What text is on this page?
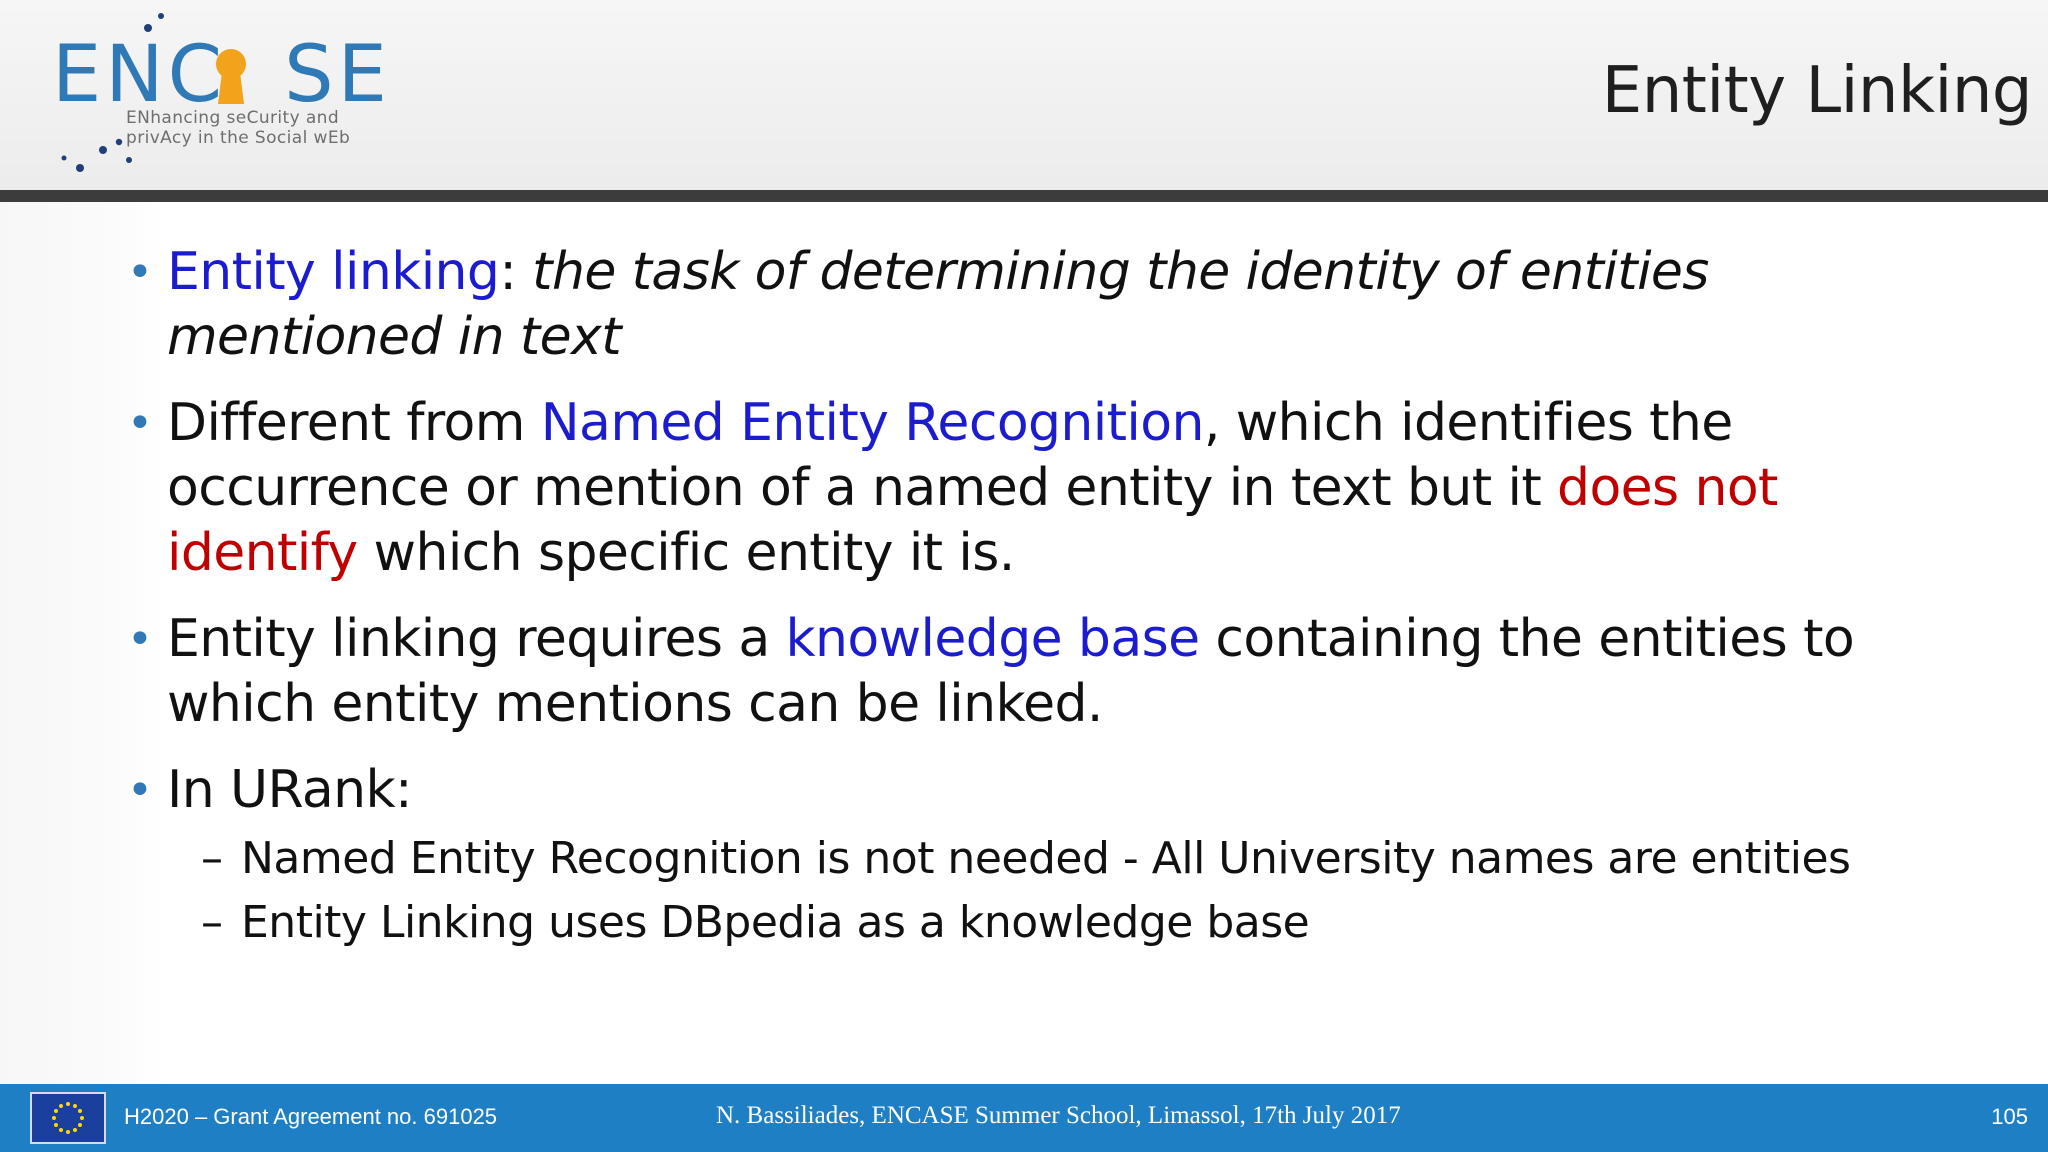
ENC SE
ENhancing seCurity and
privAcy in the Social wEb
Entity Linking
• Entity linking: the task of determining the identity of entities mentioned in text
• Different from Named Entity Recognition, which identifies the occurrence or mention of a named entity in text but it does not identify which specific entity it is.
• Entity linking requires a knowledge base containing the entities to which entity mentions can be linked.
• In URank:
– Named Entity Recognition is not needed - All University names are entities
– Entity Linking uses DBpedia as a knowledge base
H2020 – Grant Agreement no. 691025	N. Bassiliades, ENCASE Summer School, Limassol, 17th July 2017	105
